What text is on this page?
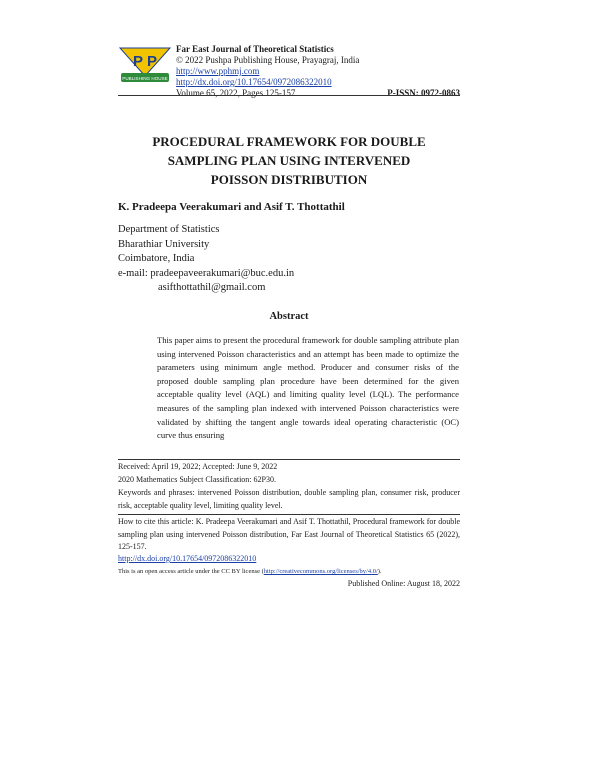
P P
PUBLISHING HOUSE
Far East Journal of Theoretical Statistics
© 2022 Pushpa Publishing House, Prayagraj, India
http://www.pphmj.com
http://dx.doi.org/10.17654/0972086322010
Volume 65, 2022, Pages 125-157	P-ISSN: 0972-0863
PROCEDURAL FRAMEWORK FOR DOUBLE
SAMPLING PLAN USING INTERVENED
POISSON DISTRIBUTION
K. Pradeepa Veerakumari and Asif T. Thottathil
Department of Statistics
Bharathiar University
Coimbatore, India
e-mail: pradeepaveerakumari@buc.edu.in
asifthottathil@gmail.com
Abstract
This paper aims to present the procedural framework for double sampling attribute plan using intervened Poisson characteristics and an attempt has been made to optimize the parameters using minimum angle method. Producer and consumer risks of the proposed double sampling plan procedure have been determined for the given acceptable quality level (AQL) and limiting quality level (LQL). The performance measures of the sampling plan indexed with intervened Poisson characteristics were validated by shifting the tangent angle towards ideal operating characteristic (OC) curve thus ensuring
Received: April 19, 2022; Accepted: June 9, 2022
2020 Mathematics Subject Classification: 62P30.
Keywords and phrases: intervened Poisson distribution, double sampling plan, consumer risk, producer risk, acceptable quality level, limiting quality level.
How to cite this article: K. Pradeepa Veerakumari and Asif T. Thottathil, Procedural framework for double sampling plan using intervened Poisson distribution, Far East Journal of Theoretical Statistics 65 (2022), 125-157.
http://dx.doi.org/10.17654/0972086322010
This is an open access article under the CC BY license (http://creativecommons.org/licenses/by/4.0/).
Published Online: August 18, 2022
